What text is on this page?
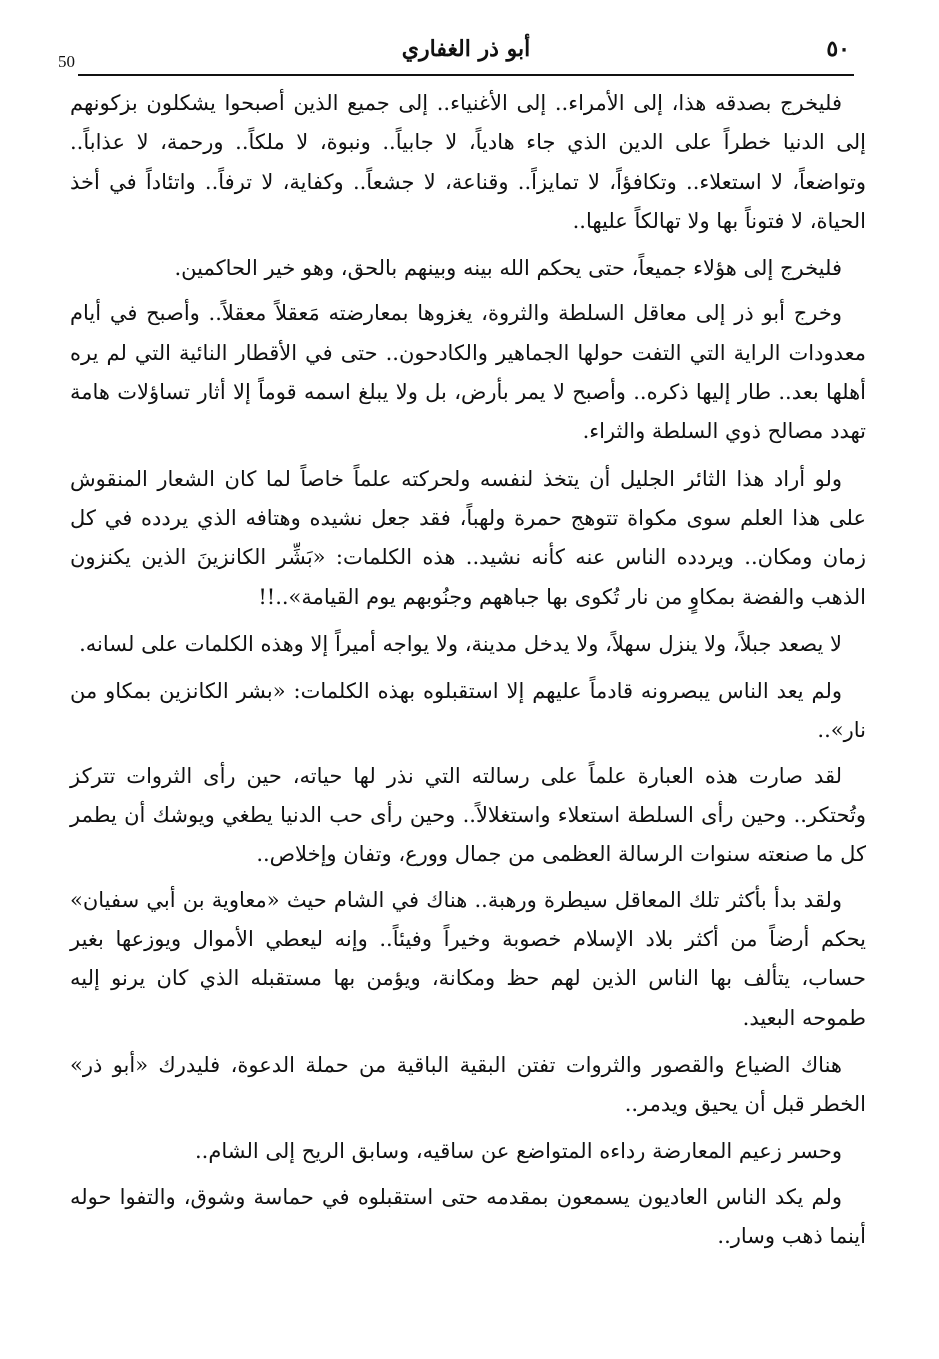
50	٥٠
أبو ذر الغفاري

فليخرج بصدقه هذا، إلى الأمراء.. إلى الأغنياء.. إلى جميع الذين أصبحوا يشكلون بزكونهم إلى الدنيا خطراً على الدين الذي جاء هادياً، لا جابياً.. ونبوة، لا ملكاً.. ورحمة، لا عذاباً.. وتواضعاً، لا استعلاء.. وتكافؤاً، لا تمايزاً.. وقناعة، لا جشعاً.. وكفاية، لا ترفاً.. واتئاداً في أخذ الحياة، لا فتوناً بها ولا تهالكاً عليها..

فليخرج إلى هؤلاء جميعاً، حتى يحكم الله بينه وبينهم بالحق، وهو خير الحاكمين.

وخرج أبو ذر إلى معاقل السلطة والثروة، يغزوها بمعارضته مَعقلاً معقلاً.. وأصبح في أيام معدودات الراية التي التفت حولها الجماهير والكادحون.. حتى في الأقطار النائية التي لم يره أهلها بعد.. طار إليها ذكره.. وأصبح لا يمر بأرض، بل ولا يبلغ اسمه قوماً إلا أثار تساؤلات هامة تهدد مصالح ذوي السلطة والثراء.

ولو أراد هذا الثائر الجليل أن يتخذ لنفسه ولحركته علماً خاصاً لما كان الشعار المنقوش على هذا العلم سوى مكواة تتوهج حمرة ولهباً، فقد جعل نشيده وهتافه الذي يردده في كل زمان ومكان.. ويردده الناس عنه كأنه نشيد.. هذه الكلمات: «بَشِّر الكانزينَ الذين يكنزون الذهب والفضة بمكاوٍ من نار تُكوى بها جباههم وجنُوبهم يوم القيامة»..!!

لا يصعد جبلاً، ولا ينزل سهلاً، ولا يدخل مدينة، ولا يواجه أميراً إلا وهذه الكلمات على لسانه.

ولم يعد الناس يبصرونه قادماً عليهم إلا استقبلوه بهذه الكلمات: «بشر الكانزين بمكاو من نار»..

لقد صارت هذه العبارة علماً على رسالته التي نذر لها حياته، حين رأى الثروات تتركز وتُحتكر.. وحين رأى السلطة استعلاء واستغلالاً.. وحين رأى حب الدنيا يطغي ويوشك أن يطمر كل ما صنعته سنوات الرسالة العظمى من جمال وورع، وتفان وإخلاص..

ولقد بدأ بأكثر تلك المعاقل سيطرة ورهبة.. هناك في الشام حيث «معاوية بن أبي سفيان» يحكم أرضاً من أكثر بلاد الإسلام خصوبة وخيراً وفيئاً.. وإنه ليعطي الأموال ويوزعها بغير حساب، يتألف بها الناس الذين لهم حظ ومكانة، ويؤمن بها مستقبله الذي كان يرنو إليه طموحه البعيد.

هناك الضياع والقصور والثروات تفتن البقية الباقية من حملة الدعوة، فليدرك «أبو ذر» الخطر قبل أن يحيق ويدمر..

وحسر زعيم المعارضة رداءه المتواضع عن ساقيه، وسابق الريح إلى الشام..

ولم يكد الناس العاديون يسمعون بمقدمه حتى استقبلوه في حماسة وشوق، والتفوا حوله أينما ذهب وسار..
